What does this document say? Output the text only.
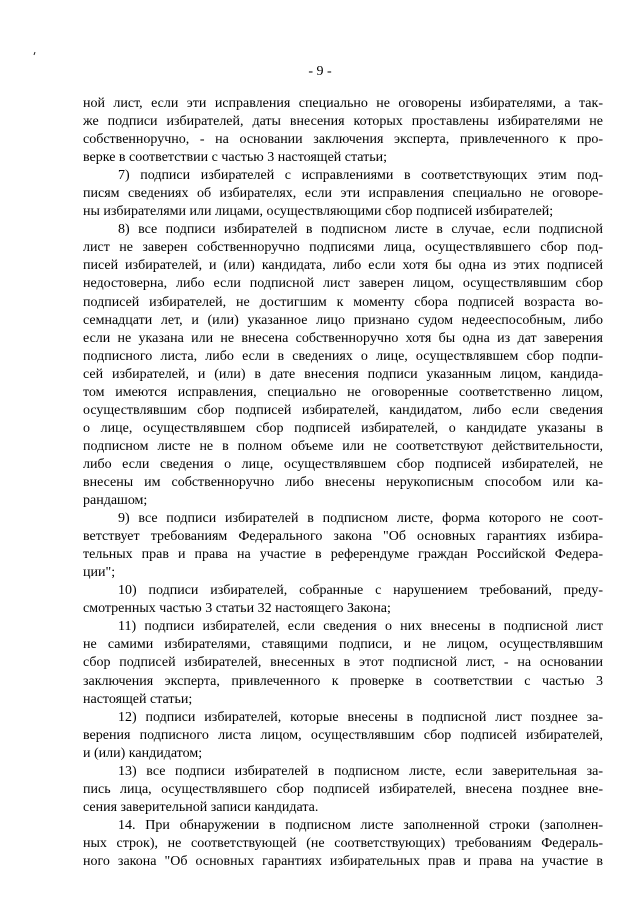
- 9 -
ной лист, если эти исправления специально не оговорены избирателями, а так-
же подписи избирателей, даты внесения которых проставлены избирателями не
собственноручно, - на основании заключения эксперта, привлеченного к про-
верке в соответствии с частью 3 настоящей статьи;
7) подписи избирателей с исправлениями в соответствующих этим под-
писям сведениях об избирателях, если эти исправления специально не оговоре-
ны избирателями или лицами, осуществляющими сбор подписей избирателей;
8) все подписи избирателей в подписном листе в случае, если подписной
лист не заверен собственноручно подписями лица, осуществлявшего сбор под-
писей избирателей, и (или) кандидата, либо если хотя бы одна из этих подписей
недостоверна, либо если подписной лист заверен лицом, осуществлявшим сбор
подписей избирателей, не достигшим к моменту сбора подписей возраста во-
семнадцати лет, и (или) указанное лицо признано судом недееспособным, либо
если не указана или не внесена собственноручно хотя бы одна из дат заверения
подписного листа, либо если в сведениях о лице, осуществлявшем сбор подпи-
сей избирателей, и (или) в дате внесения подписи указанным лицом, кандида-
том имеются исправления, специально не оговоренные соответственно лицом,
осуществлявшим сбор подписей избирателей, кандидатом, либо если сведения
о лице, осуществлявшем сбор подписей избирателей, о кандидате указаны в
подписном листе не в полном объеме или не соответствуют действительности,
либо если сведения о лице, осуществлявшем сбор подписей избирателей, не
внесены им собственноручно либо внесены нерукописным способом или ка-
рандашом;
9) все подписи избирателей в подписном листе, форма которого не соот-
ветствует требованиям Федерального закона "Об основных гарантиях избира-
тельных прав и права на участие в референдуме граждан Российской Федера-
ции";
10) подписи избирателей, собранные с нарушением требований, преду-
смотренных частью 3 статьи 32 настоящего Закона;
11) подписи избирателей, если сведения о них внесены в подписной лист
не самими избирателями, ставящими подписи, и не лицом, осуществлявшим
сбор подписей избирателей, внесенных в этот подписной лист, - на основании
заключения эксперта, привлеченного к проверке в соответствии с частью 3
настоящей статьи;
12) подписи избирателей, которые внесены в подписной лист позднее за-
верения подписного листа лицом, осуществлявшим сбор подписей избирателей,
и (или) кандидатом;
13) все подписи избирателей в подписном листе, если заверительная за-
пись лица, осуществлявшего сбор подписей избирателей, внесена позднее вне-
сения заверительной записи кандидата.
14. При обнаружении в подписном листе заполненной строки (заполнен-
ных строк), не соответствующей (не соответствующих) требованиям Федераль-
ного закона "Об основных гарантиях избирательных прав и права на участие в
